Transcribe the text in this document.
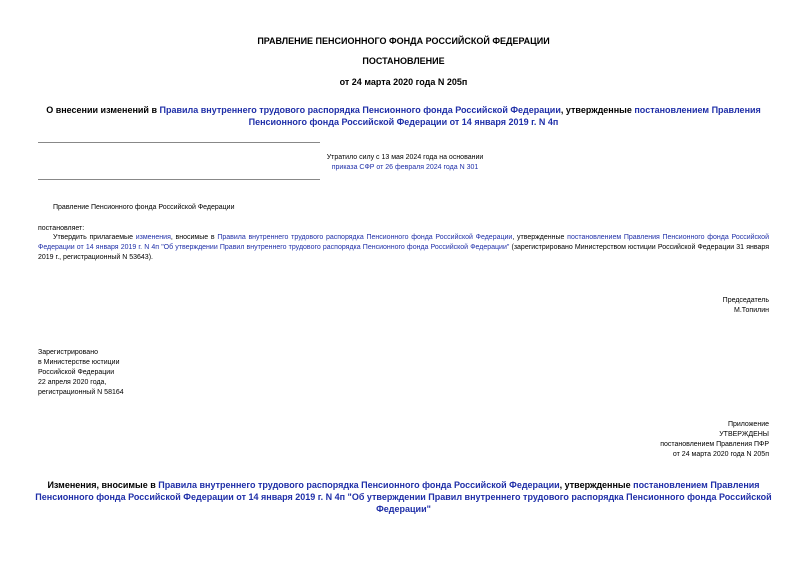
ПРАВЛЕНИЕ ПЕНСИОННОГО ФОНДА РОССИЙСКОЙ ФЕДЕРАЦИИ
ПОСТАНОВЛЕНИЕ
от 24 марта 2020 года N 205п
О внесении изменений в Правила внутреннего трудового распорядка Пенсионного фонда Российской Федерации, утвержденные постановлением Правления Пенсионного фонда Российской Федерации от 14 января 2019 г. N 4п
Утратило силу с 13 мая 2024 года на основании
приказа СФР от 26 февраля 2024 года N 301
Правление Пенсионного фонда Российской Федерации
постановляет:
Утвердить прилагаемые изменения, вносимые в Правила внутреннего трудового распорядка Пенсионного фонда Российской Федерации, утвержденные постановлением Правления Пенсионного фонда Российской Федерации от 14 января 2019 г. N 4п "Об утверждении Правил внутреннего трудового распорядка Пенсионного фонда Российской Федерации" (зарегистрировано Министерством юстиции Российской Федерации 31 января 2019 г., регистрационный N 53643).
Председатель
М.Топилин
Зарегистрировано
в Министерстве юстиции
Российской Федерации
22 апреля 2020 года,
регистрационный N 58164
Приложение
УТВЕРЖДЕНЫ
постановлением Правления ПФР
от 24 марта 2020 года N 205п
Изменения, вносимые в Правила внутреннего трудового распорядка Пенсионного фонда Российской Федерации, утвержденные постановлением Правления Пенсионного фонда Российской Федерации от 14 января 2019 г. N 4п "Об утверждении Правил внутреннего трудового распорядка Пенсионного фонда Российской Федерации"
